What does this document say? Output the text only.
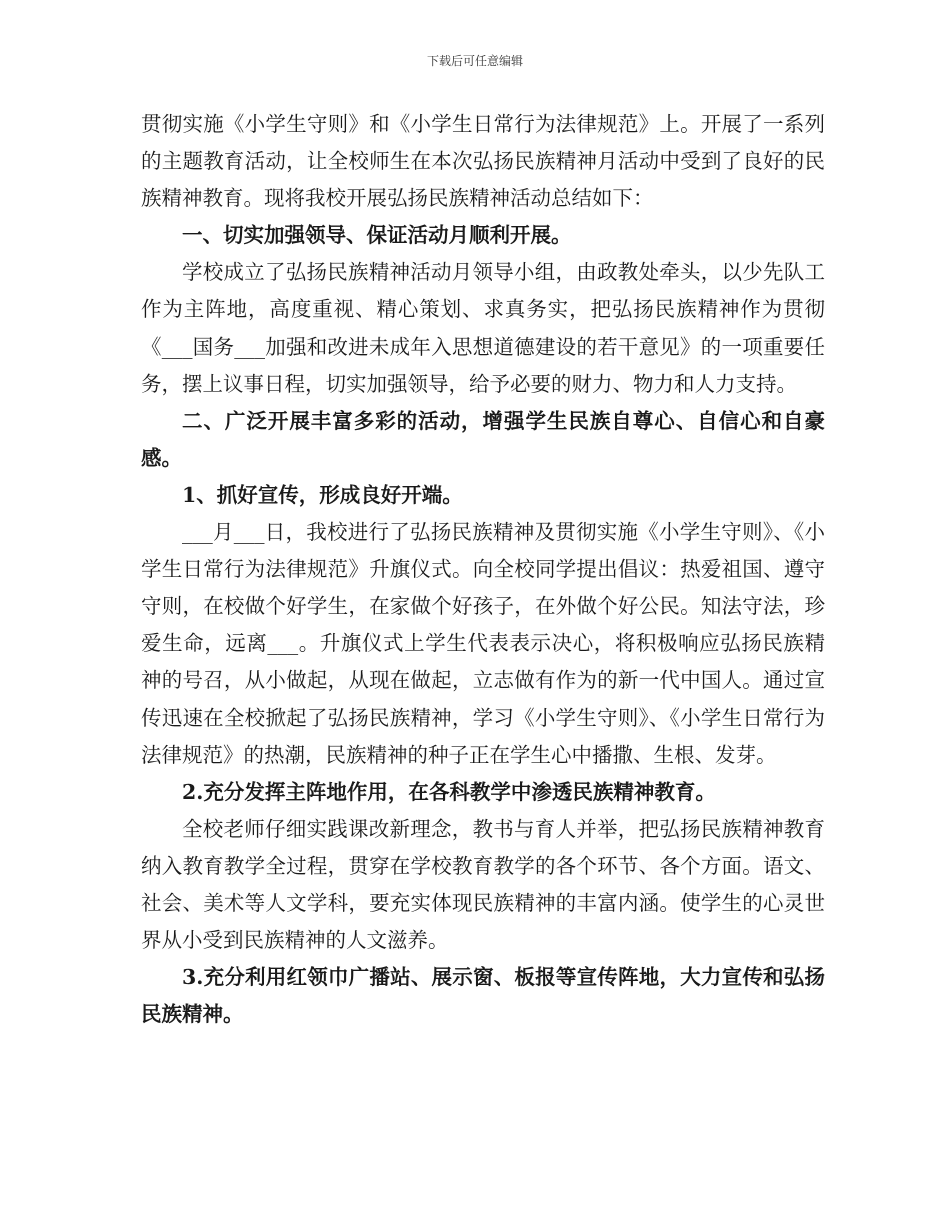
下载后可任意编辑

贯彻实施《小学生守则》和《小学生日常行为法律规范》上。开展了一系列的主题教育活动，让全校师生在本次弘扬民族精神月活动中受到了良好的民族精神教育。现将我校开展弘扬民族精神活动总结如下：

一、切实加强领导、保证活动月顺利开展。

学校成立了弘扬民族精神活动月领导小组，由政教处牵头，以少先队工作为主阵地，高度重视、精心策划、求真务实，把弘扬民族精神作为贯彻《___国务___加强和改进未成年入思想道德建设的若干意见》的一项重要任务，摆上议事日程，切实加强领导，给予必要的财力、物力和人力支持。

二、广泛开展丰富多彩的活动，增强学生民族自尊心、自信心和自豪感。

1、抓好宣传，形成良好开端。

___月___日，我校进行了弘扬民族精神及贯彻实施《小学生守则》、《小学生日常行为法律规范》升旗仪式。向全校同学提出倡议：热爱祖国、遵守守则，在校做个好学生，在家做个好孩子，在外做个好公民。知法守法，珍爱生命，远离___。升旗仪式上学生代表表示决心，将积极响应弘扬民族精神的号召，从小做起，从现在做起，立志做有作为的新一代中国人。通过宣传迅速在全校掀起了弘扬民族精神，学习《小学生守则》、《小学生日常行为法律规范》的热潮，民族精神的种子正在学生心中播撒、生根、发芽。

2.充分发挥主阵地作用，在各科教学中渗透民族精神教育。

全校老师仔细实践课改新理念，教书与育人并举，把弘扬民族精神教育纳入教育教学全过程，贯穿在学校教育教学的各个环节、各个方面。语文、社会、美术等人文学科，要充实体现民族精神的丰富内涵。使学生的心灵世界从小受到民族精神的人文滋养。

3.充分利用红领巾广播站、展示窗、板报等宣传阵地，大力宣传和弘扬民族精神。
